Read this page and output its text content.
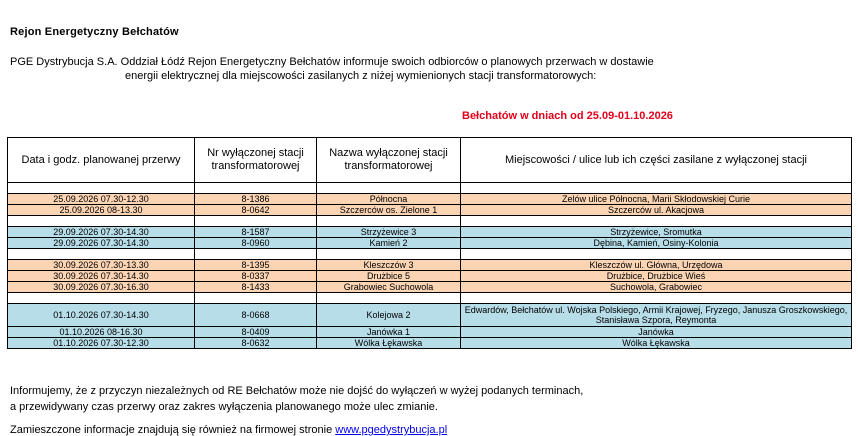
Rejon Energetyczny Bełchatów
PGE Dystrybucja S.A. Oddział Łódź Rejon Energetyczny Bełchatów informuje swoich odbiorców o planowych przerwach w dostawie
energii elektrycznej dla miejscowości zasilanych z niżej wymienionych stacji transformatorowych:
Bełchatów w dniach od 25.09-01.10.2026
Data i godz. planowanej przerwy	Nr wyłączonej stacji transformatorowej	Nazwa wyłączonej stacji transformatorowej	Miejscowości / ulice lub ich części zasilane z wyłączonej stacji

25.09.2026 07.30-12.30	8-1386	Północna	Zelów ulice Północna, Marii Skłodowskiej Curie
25.09.2026 08-13.30	8-0642	Szczerców os. Zielone 1	Szczerców ul. Akacjowa

29.09.2026 07.30-14.30	8-1587	Strzyżewice 3	Strzyżewice, Sromutka
29.09.2026 07.30-14.30	8-0960	Kamień 2	Dębina, Kamień, Osiny-Kolonia

30.09.2026 07.30-13.30	8-1395	Kleszczów 3	Kleszczów ul. Główna, Urzędowa
30.09.2026 07.30-14.30	8-0337	Drużbice 5	Drużbice, Drużbice Wieś
30.09.2026 07.30-16.30	8-1433	Grabowiec Suchowola	Suchowola, Grabowiec

01.10.2026 07.30-14.30	8-0668	Kolejowa 2	Edwardów, Bełchatów ul. Wojska Polskiego, Armii Krajowej, Fryzego, Janusza Groszkowskiego, Stanisława Szpora, Reymonta
01.10.2026 08-16.30	8-0409	Janówka 1	Janówka
01.10.2026 07.30-12.30	8-0632	Wólka Łękawska	Wólka Łękawska
Informujemy, że z przyczyn niezależnych od RE Bełchatów może nie dojść do wyłączeń w wyżej podanych terminach,
a przewidywany czas przerwy oraz zakres wyłączenia planowanego może ulec zmianie.
Zamieszczone informacje znajdują się również na firmowej stronie www.pgedystrybucja.pl
